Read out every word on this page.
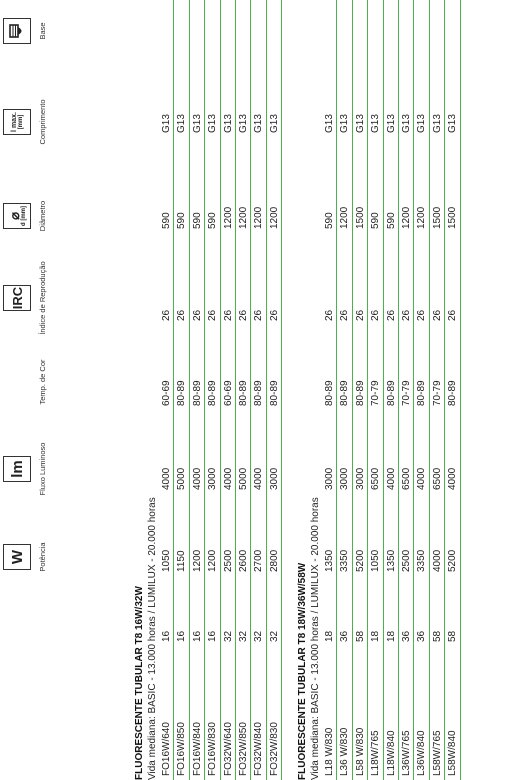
W Potência
lm Fluxo Luminoso
Temp. de Cor
IRC Índice de Reprodução
⌀ d [mm] Diâmetro
l max. [mm] Comprimento
Base
FLUORESCENTE TUBULAR T8 16W/32W Vida mediana: BASIC - 13.000 horas / LUMILUX - 20.000 horas FO16W/640
16
1050
4000
60-69
26
590
G13
FO16W/850
16
1150
5000
80-89
26
590
G13
FO16W/840
16
1200
4000
80-89
26
590
G13
FO16W/830
16
1200
3000
80-89
26
590
G13
FO32W/640
32
2500
4000
60-69
26
1200
G13
FO32W/850
32
2600
5000
80-89
26
1200
G13
FO32W/840
32
2700
4000
80-89
26
1200
G13
FO32W/830
32
2800
3000
80-89
26
1200
G13
FLUORESCENTE TUBULAR T8 18W/36W/58W Vida mediana: BASIC - 13.000 horas / LUMILUX - 20.000 horas L18 W/830
18
1350
3000
80-89
26
590
G13
L36 W/830
36
3350
3000
80-89
26
1200
G13
L58 W/830
58
5200
3000
80-89
26
1500
G13
L18W/765
18
1050
6500
70-79
26
590
G13
L18W/840
18
1350
4000
80-89
26
590
G13
L36W/765
36
2500
6500
70-79
26
1200
G13
L36W/840
36
3350
4000
80-89
26
1200
G13
L58W/765
58
4000
6500
70-79
26
1500
G13
L58W/840
58
5200
4000
80-89
26
1500
G13
